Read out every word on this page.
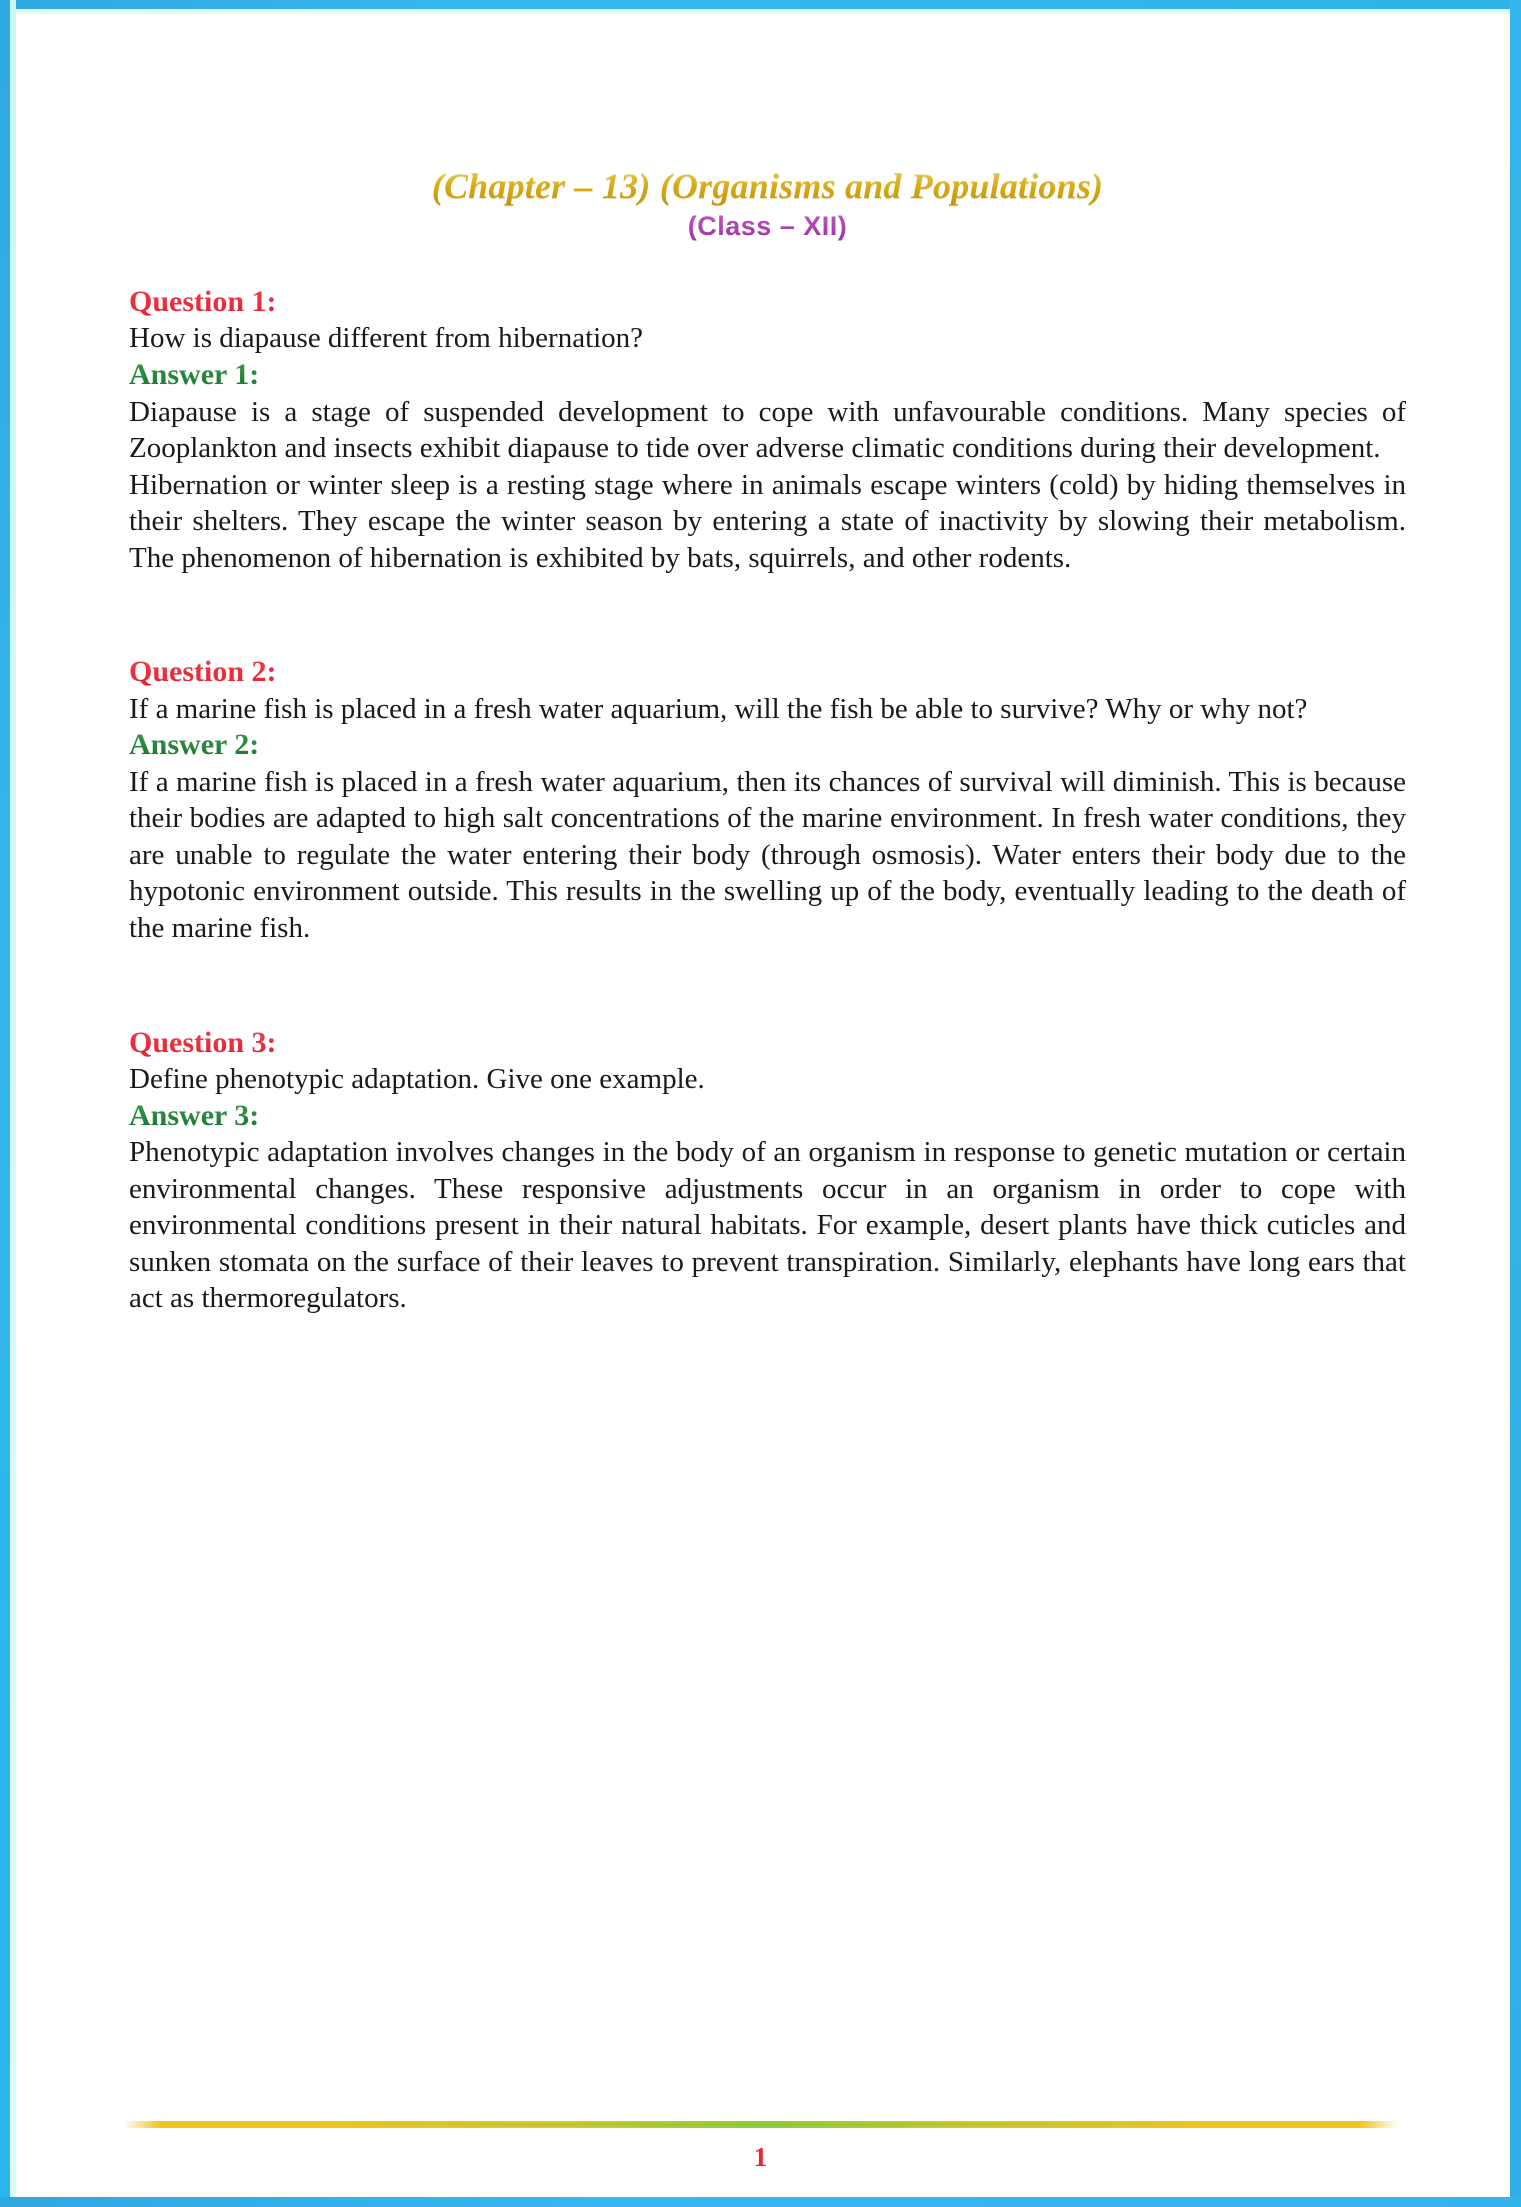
(Chapter – 13) (Organisms and Populations)
(Class – XII)

Question 1:

How is diapause different from hibernation?

Answer 1:

Diapause is a stage of suspended development to cope with unfavourable conditions. Many species of Zooplankton and insects exhibit diapause to tide over adverse climatic conditions during their development.

Hibernation or winter sleep is a resting stage where in animals escape winters (cold) by hiding themselves in their shelters. They escape the winter season by entering a state of inactivity by slowing their metabolism. The phenomenon of hibernation is exhibited by bats, squirrels, and other rodents.

Question 2:

If a marine fish is placed in a fresh water aquarium, will the fish be able to survive? Why or why not?

Answer 2:

If a marine fish is placed in a fresh water aquarium, then its chances of survival will diminish. This is because their bodies are adapted to high salt concentrations of the marine environment. In fresh water conditions, they are unable to regulate the water entering their body (through osmosis). Water enters their body due to the hypotonic environment outside. This results in the swelling up of the body, eventually leading to the death of the marine fish.

Question 3:

Define phenotypic adaptation. Give one example.

Answer 3:

Phenotypic adaptation involves changes in the body of an organism in response to genetic mutation or certain environmental changes. These responsive adjustments occur in an organism in order to cope with environmental conditions present in their natural habitats. For example, desert plants have thick cuticles and sunken stomata on the surface of their leaves to prevent transpiration. Similarly, elephants have long ears that act as thermoregulators.

1
